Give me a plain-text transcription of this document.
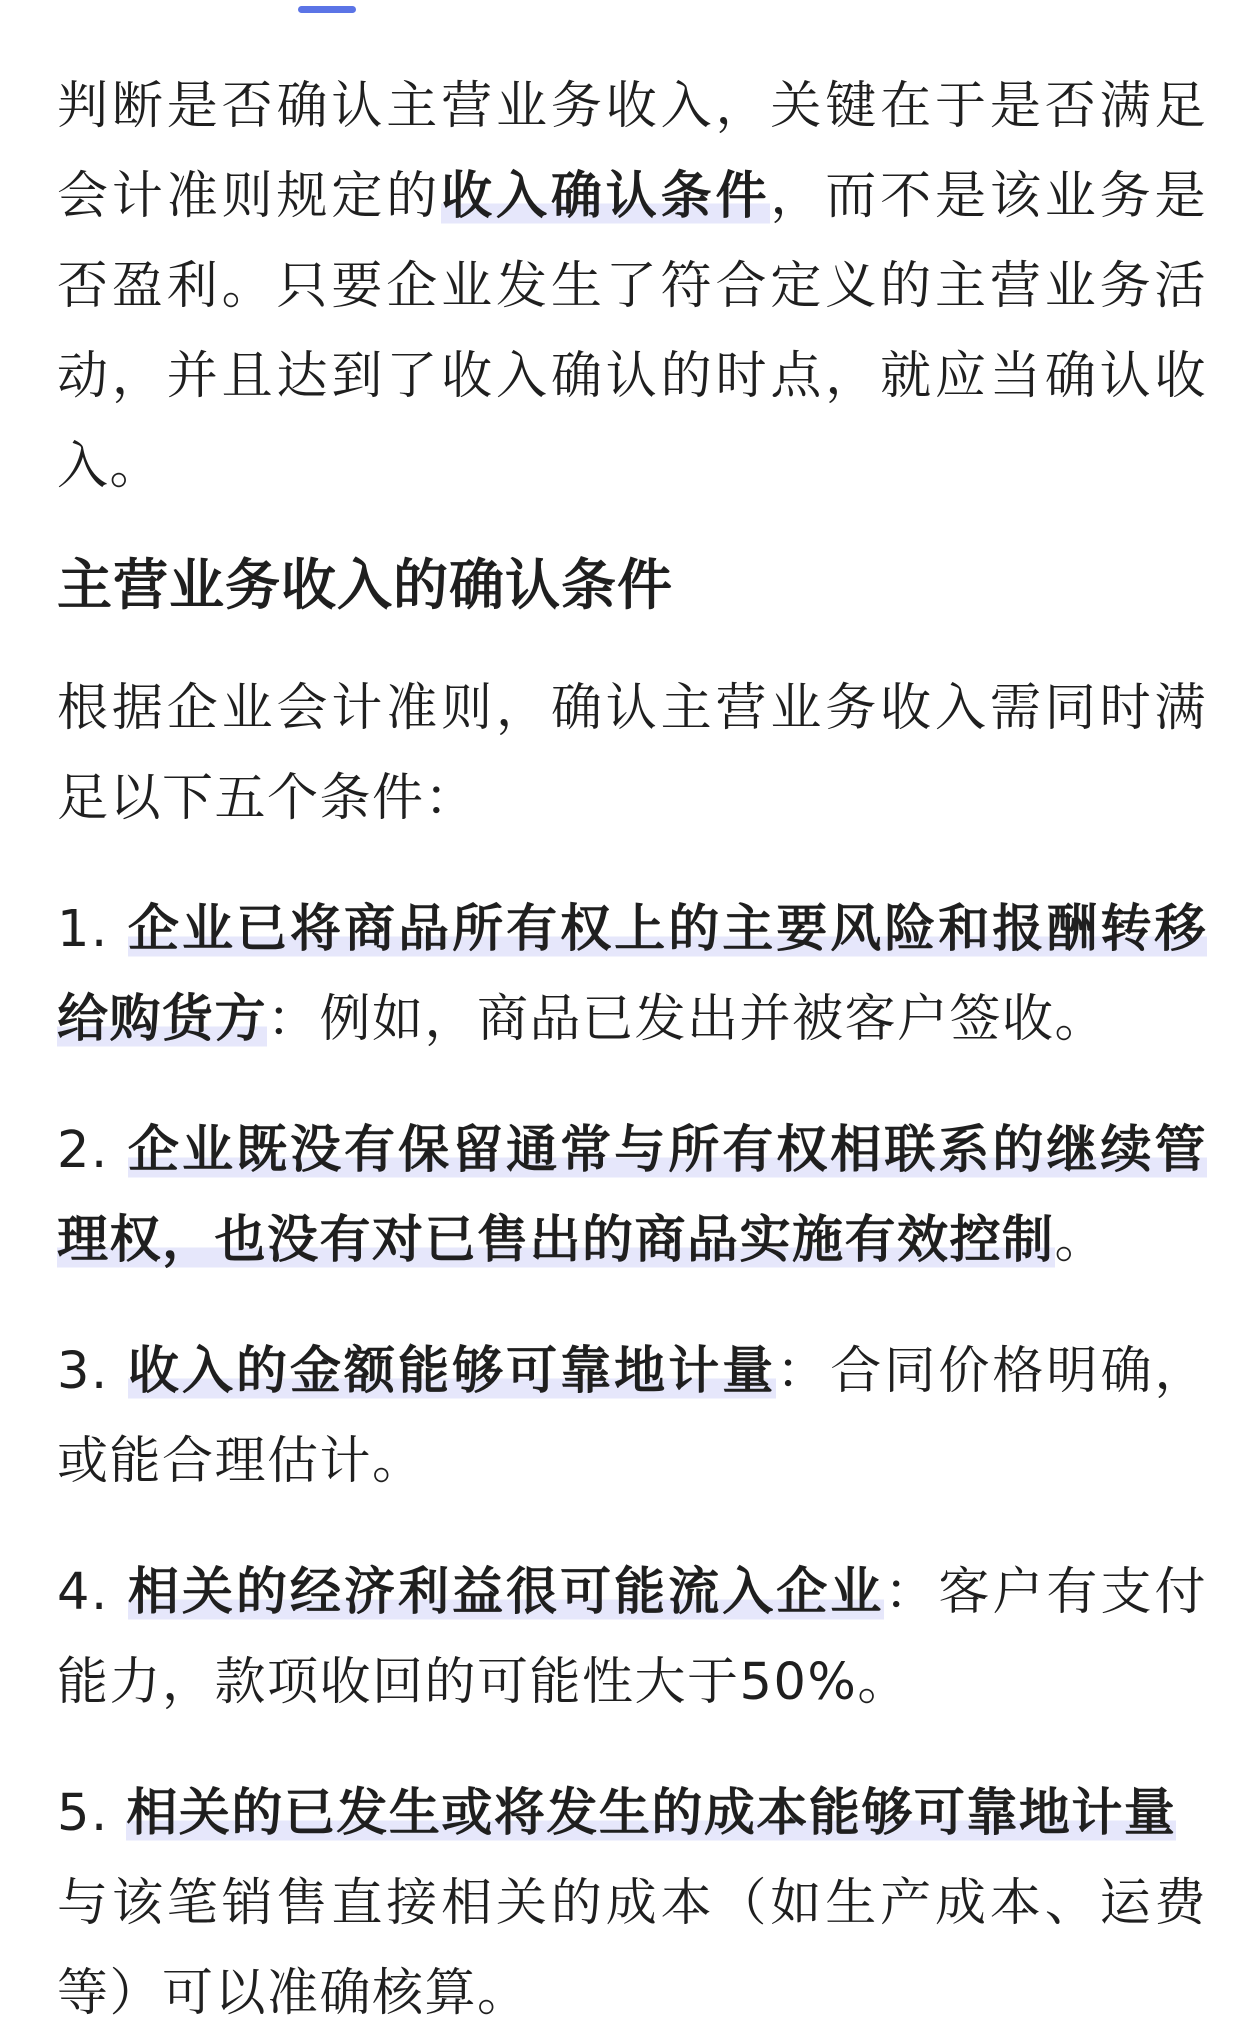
判断是否确认主营业务收入，关键在于是否满足会计准则规定的收入确认条件，而不是该业务是否盈利。只要企业发生了符合定义的主营业务活动，并且达到了收入确认的时点，就应当确认收入。

主营业务收入的确认条件

根据企业会计准则，确认主营业务收入需同时满足以下五个条件：

1. 企业已将商品所有权上的主要风险和报酬转移给购货方：例如，商品已发出并被客户签收。

2. 企业既没有保留通常与所有权相联系的继续管理权，也没有对已售出的商品实施有效控制。

3. 收入的金额能够可靠地计量：合同价格明确，或能合理估计。

4. 相关的经济利益很可能流入企业：客户有支付能力，款项收回的可能性大于50%。

5. 相关的已发生或将发生的成本能够可靠地计量
与该笔销售直接相关的成本（如生产成本、运费等）可以准确核算。
